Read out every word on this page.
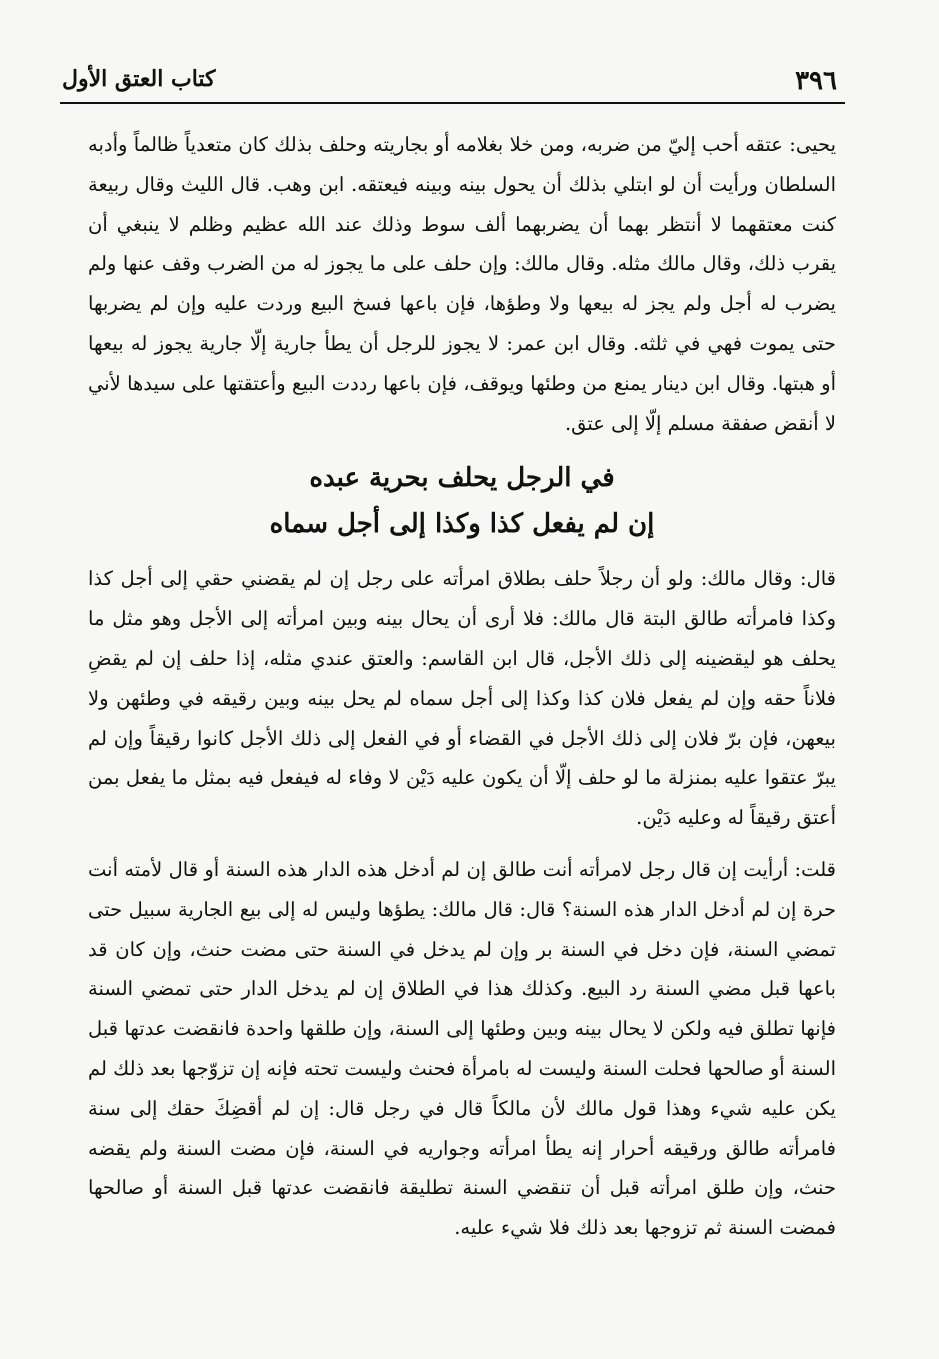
٣٩٦
كتاب العتق الأول

يحيى: عتقه أحب إليّ من ضربه، ومن خلا بغلامه أو بجاريته وحلف بذلك كان متعدياً ظالماً وأدبه السلطان ورأيت أن لو ابتلي بذلك أن يحول بينه وبينه فيعتقه. ابن وهب. قال الليث وقال ربيعة كنت معتقهما لا أنتظر بهما أن يضربهما ألف سوط وذلك عند الله عظيم وظلم لا ينبغي أن يقرب ذلك، وقال مالك مثله. وقال مالك: وإن حلف على ما يجوز له من الضرب وقف عنها ولم يضرب له أجل ولم يجز له بيعها ولا وطؤها، فإن باعها فسخ البيع وردت عليه وإن لم يضربها حتى يموت فهي في ثلثه. وقال ابن عمر: لا يجوز للرجل أن يطأ جارية إلّا جارية يجوز له بيعها أو هبتها. وقال ابن دينار يمنع من وطئها ويوقف، فإن باعها رددت البيع وأعتقتها على سيدها لأني لا أنقض صفقة مسلم إلّا إلى عتق.

في الرجل يحلف بحرية عبده
إن لم يفعل كذا وكذا إلى أجل سماه

قال: وقال مالك: ولو أن رجلاً حلف بطلاق امرأته على رجل إن لم يقضني حقي إلى أجل كذا وكذا فامرأته طالق البتة قال مالك: فلا أرى أن يحال بينه وبين امرأته إلى الأجل وهو مثل ما يحلف هو ليقضينه إلى ذلك الأجل، قال ابن القاسم: والعتق عندي مثله، إذا حلف إن لم يقضِ فلاناً حقه وإن لم يفعل فلان كذا وكذا إلى أجل سماه لم يحل بينه وبين رقيقه في وطئهن ولا بيعهن، فإن برّ فلان إلى ذلك الأجل في القضاء أو في الفعل إلى ذلك الأجل كانوا رقيقاً وإن لم يبرّ عتقوا عليه بمنزلة ما لو حلف إلّا أن يكون عليه دَيْن لا وفاء له فيفعل فيه بمثل ما يفعل بمن أعتق رقيقاً له وعليه دَيْن.

قلت: أرأيت إن قال رجل لامرأته أنت طالق إن لم أدخل هذه الدار هذه السنة أو قال لأمته أنت حرة إن لم أدخل الدار هذه السنة؟ قال: قال مالك: يطؤها وليس له إلى بيع الجارية سبيل حتى تمضي السنة، فإن دخل في السنة بر وإن لم يدخل في السنة حتى مضت حنث، وإن كان قد باعها قبل مضي السنة رد البيع. وكذلك هذا في الطلاق إن لم يدخل الدار حتى تمضي السنة فإنها تطلق فيه ولكن لا يحال بينه وبين وطئها إلى السنة، وإن طلقها واحدة فانقضت عدتها قبل السنة أو صالحها فحلت السنة وليست له بامرأة فحنث وليست تحته فإنه إن تزوّجها بعد ذلك لم يكن عليه شيء وهذا قول مالك لأن مالكاً قال في رجل قال: إن لم أقضِكَ حقك إلى سنة فامرأته طالق ورقيقه أحرار إنه يطأ امرأته وجواريه في السنة، فإن مضت السنة ولم يقضه حنث، وإن طلق امرأته قبل أن تنقضي السنة تطليقة فانقضت عدتها قبل السنة أو صالحها فمضت السنة ثم تزوجها بعد ذلك فلا شيء عليه.
